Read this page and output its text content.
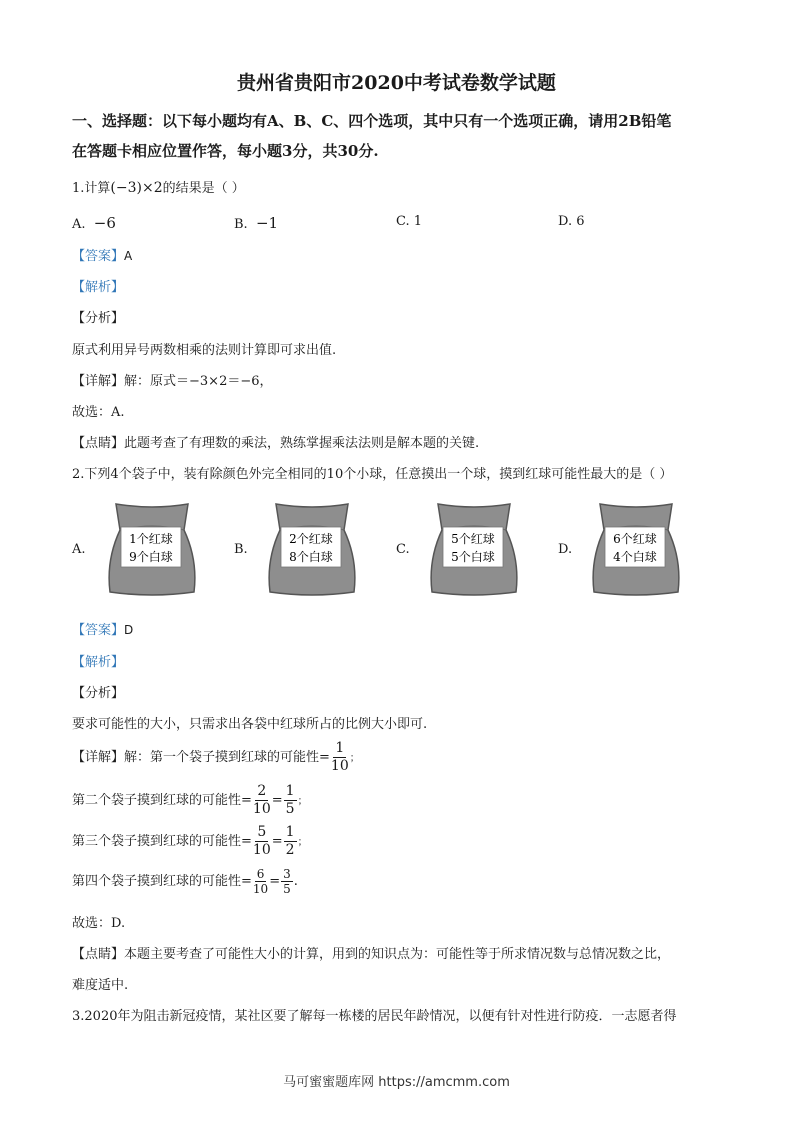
贵州省贵阳市2020中考试卷数学试题
一、选择题：以下每小题均有A、B、C、四个选项，其中只有一个选项正确，请用2B铅笔
在答题卡相应位置作答，每小题3分，共30分.
1.计算(−3)×2的结果是（ ）
A. −6	B. −1	C. 1	D. 6
【答案】A
【解析】
【分析】
原式利用异号两数相乘的法则计算即可求出值.
【详解】解：原式＝−3×2＝−6，
故选：A.
【点睛】此题考查了有理数的乘法，熟练掌握乘法法则是解本题的关键.
2.下列4个袋子中，装有除颜色外完全相同的10个小球，任意摸出一个球，摸到红球可能性最大的是（ ）
A.	B.	C.	D.
1个红球
9个白球
2个红球
8个白球
5个红球
5个白球
6个红球
4个白球
【答案】D
【解析】
【分析】
要求可能性的大小，只需求出各袋中红球所占的比例大小即可.
【详解】解：第一个袋子摸到红球的可能性= $\frac{1}{10}$ ；
第二个袋子摸到红球的可能性= $\frac{2}{10} = \frac{1}{5}$ ；
第三个袋子摸到红球的可能性= $\frac{5}{10} = \frac{1}{2}$ ；
第四个袋子摸到红球的可能性= $\frac{6}{10} = \frac{3}{5}$ .
故选：D.
【点睛】本题主要考查了可能性大小的计算，用到的知识点为：可能性等于所求情况数与总情况数之比，
难度适中.
3.2020年为阻击新冠疫情，某社区要了解每一栋楼的居民年龄情况，以便有针对性进行防疫．一志愿者得
马可蜜蜜题库网 https://amcmm.com
